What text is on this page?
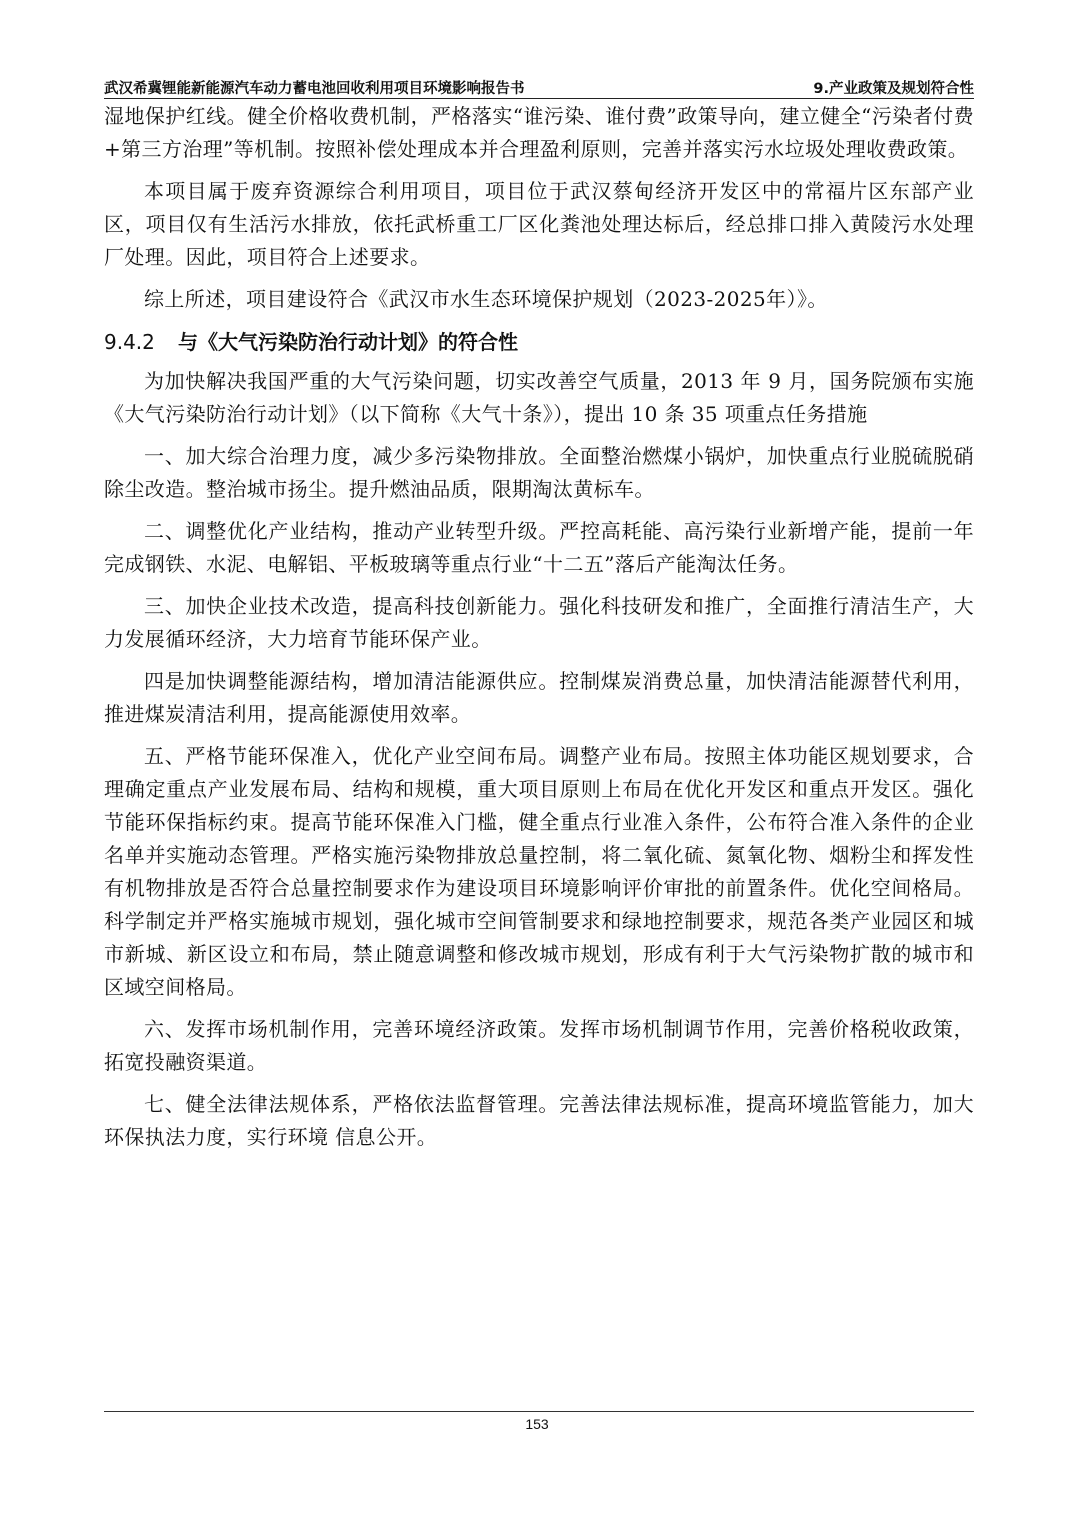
武汉希冀锂能新能源汽车动力蓄电池回收利用项目环境影响报告书	9.产业政策及规划符合性

湿地保护红线。健全价格收费机制，严格落实“谁污染、谁付费”政策导向，建立健全“污染者付费+第三方治理”等机制。按照补偿处理成本并合理盈利原则，完善并落实污水垃圾处理收费政策。

本项目属于废弃资源综合利用项目，项目位于武汉蔡甸经济开发区中的常福片区东部产业区，项目仅有生活污水排放，依托武桥重工厂区化粪池处理达标后，经总排口排入黄陵污水处理厂处理。因此，项目符合上述要求。

综上所述，项目建设符合《武汉市水生态环境保护规划（2023-2025年）》。

9.4.2 与《大气污染防治行动计划》的符合性

为加快解决我国严重的大气污染问题，切实改善空气质量，2013 年 9 月，国务院颁布实施《大气污染防治行动计划》（以下简称《大气十条》），提出 10 条 35 项重点任务措施

一、加大综合治理力度，减少多污染物排放。全面整治燃煤小锅炉，加快重点行业脱硫脱硝除尘改造。整治城市扬尘。提升燃油品质，限期淘汰黄标车。

二、调整优化产业结构，推动产业转型升级。严控高耗能、高污染行业新增产能，提前一年完成钢铁、水泥、电解铝、平板玻璃等重点行业“十二五”落后产能淘汰任务。

三、加快企业技术改造，提高科技创新能力。强化科技研发和推广，全面推行清洁生产，大力发展循环经济，大力培育节能环保产业。

四是加快调整能源结构，增加清洁能源供应。控制煤炭消费总量，加快清洁能源替代利用，推进煤炭清洁利用，提高能源使用效率。

五、严格节能环保准入，优化产业空间布局。调整产业布局。按照主体功能区规划要求，合理确定重点产业发展布局、结构和规模，重大项目原则上布局在优化开发区和重点开发区。强化节能环保指标约束。提高节能环保准入门槛，健全重点行业准入条件，公布符合准入条件的企业名单并实施动态管理。严格实施污染物排放总量控制，将二氧化硫、氮氧化物、烟粉尘和挥发性有机物排放是否符合总量控制要求作为建设项目环境影响评价审批的前置条件。优化空间格局。科学制定并严格实施城市规划，强化城市空间管制要求和绿地控制要求，规范各类产业园区和城市新城、新区设立和布局，禁止随意调整和修改城市规划，形成有利于大气污染物扩散的城市和区域空间格局。

六、发挥市场机制作用，完善环境经济政策。发挥市场机制调节作用，完善价格税收政策，拓宽投融资渠道。

七、健全法律法规体系，严格依法监督管理。完善法律法规标准，提高环境监管能力，加大环保执法力度，实行环境 信息公开。

153
